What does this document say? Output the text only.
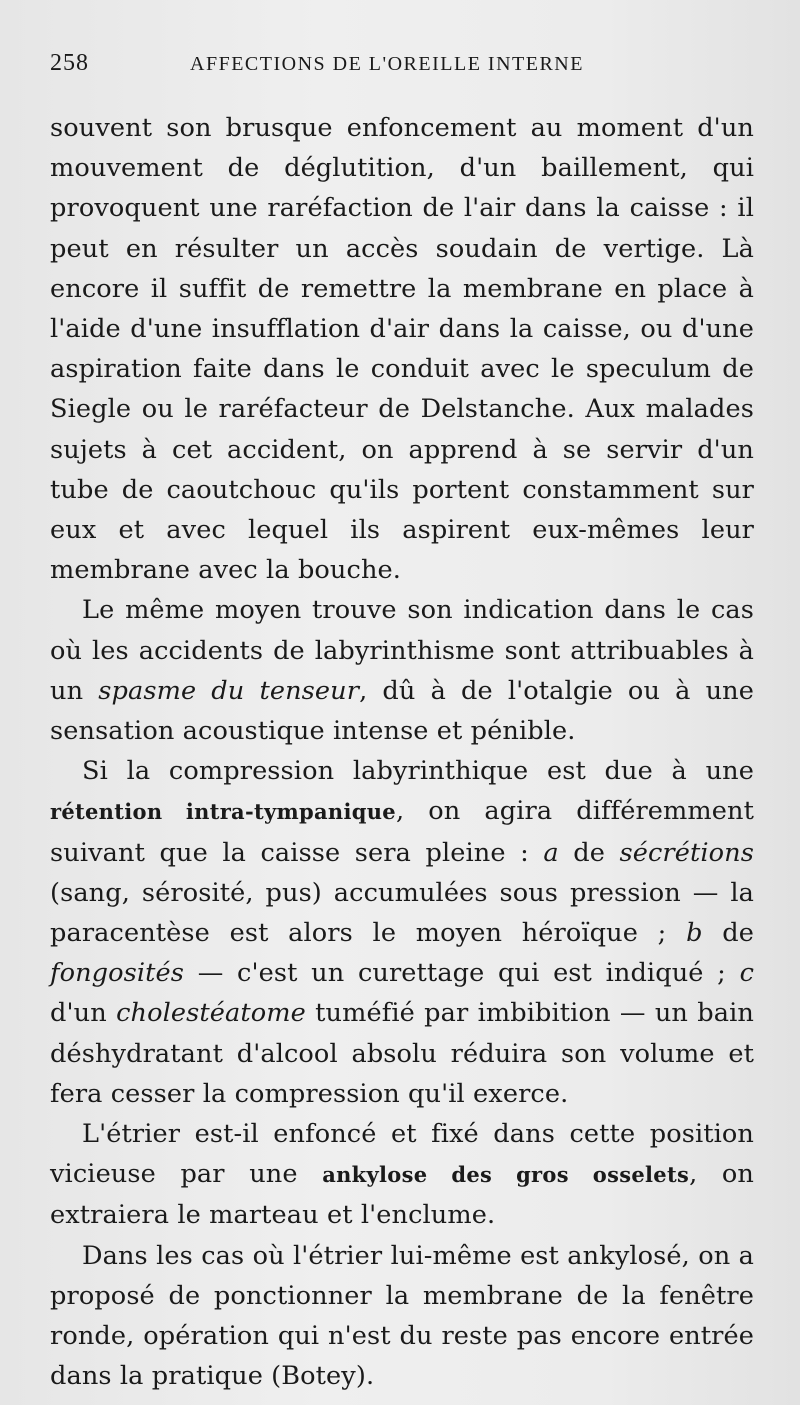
258	AFFECTIONS DE L'OREILLE INTERNE

souvent son brusque enfoncement au moment d'un mouvement de déglutition, d'un baillement, qui provoquent une raréfaction de l'air dans la caisse : il peut en résulter un accès soudain de vertige. Là encore il suffit de remettre la membrane en place à l'aide d'une insufflation d'air dans la caisse, ou d'une aspiration faite dans le conduit avec le speculum de Siegle ou le raréfacteur de Delstanche. Aux malades sujets à cet accident, on apprend à se servir d'un tube de caoutchouc qu'ils portent constamment sur eux et avec lequel ils aspirent eux-mêmes leur membrane avec la bouche.

Le même moyen trouve son indication dans le cas où les accidents de labyrinthisme sont attribuables à un spasme du tenseur, dû à de l'otalgie ou à une sensation acoustique intense et pénible.

Si la compression labyrinthique est due à une rétention intra-tympanique, on agira différemment suivant que la caisse sera pleine : a de sécrétions (sang, sérosité, pus) accumulées sous pression — la paracentèse est alors le moyen héroïque ; b de fongosités — c'est un curettage qui est indiqué ; c d'un cholestéatome tuméfié par imbibition — un bain déshydratant d'alcool absolu réduira son volume et fera cesser la compression qu'il exerce.

L'étrier est-il enfoncé et fixé dans cette position vicieuse par une ankylose des gros osselets, on extraiera le marteau et l'enclume.

Dans les cas où l'étrier lui-même est ankylosé, on a proposé de ponctionner la membrane de la fenêtre ronde, opération qui n'est du reste pas encore entrée dans la pratique (Botey).
